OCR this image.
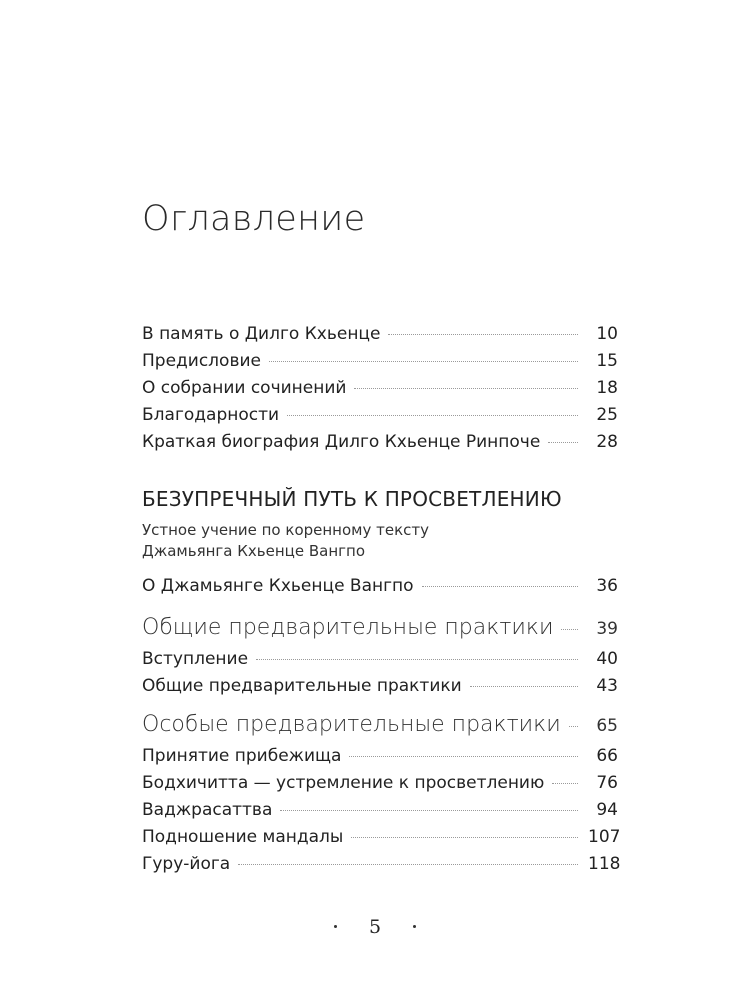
Оглавление
В память о Дилго Кхьенце	10
Предисловие	15
О собрании сочинений	18
Благодарности	25
Краткая биография Дилго Кхьенце Ринпоче	28
БЕЗУПРЕЧНЫЙ ПУТЬ К ПРОСВЕТЛЕНИЮ
Устное учение по коренному тексту
Джамьянга Кхьенце Вангпо
О Джамьянге Кхьенце Вангпо	36
Общие предварительные практики	39
Вступление	40
Общие предварительные практики	43
Особые предварительные практики	65
Принятие прибежища	66
Бодхичитта — устремление к просветлению	76
Ваджрасаттва	94
Подношение мандалы	107
Гуру-йога	118
5
